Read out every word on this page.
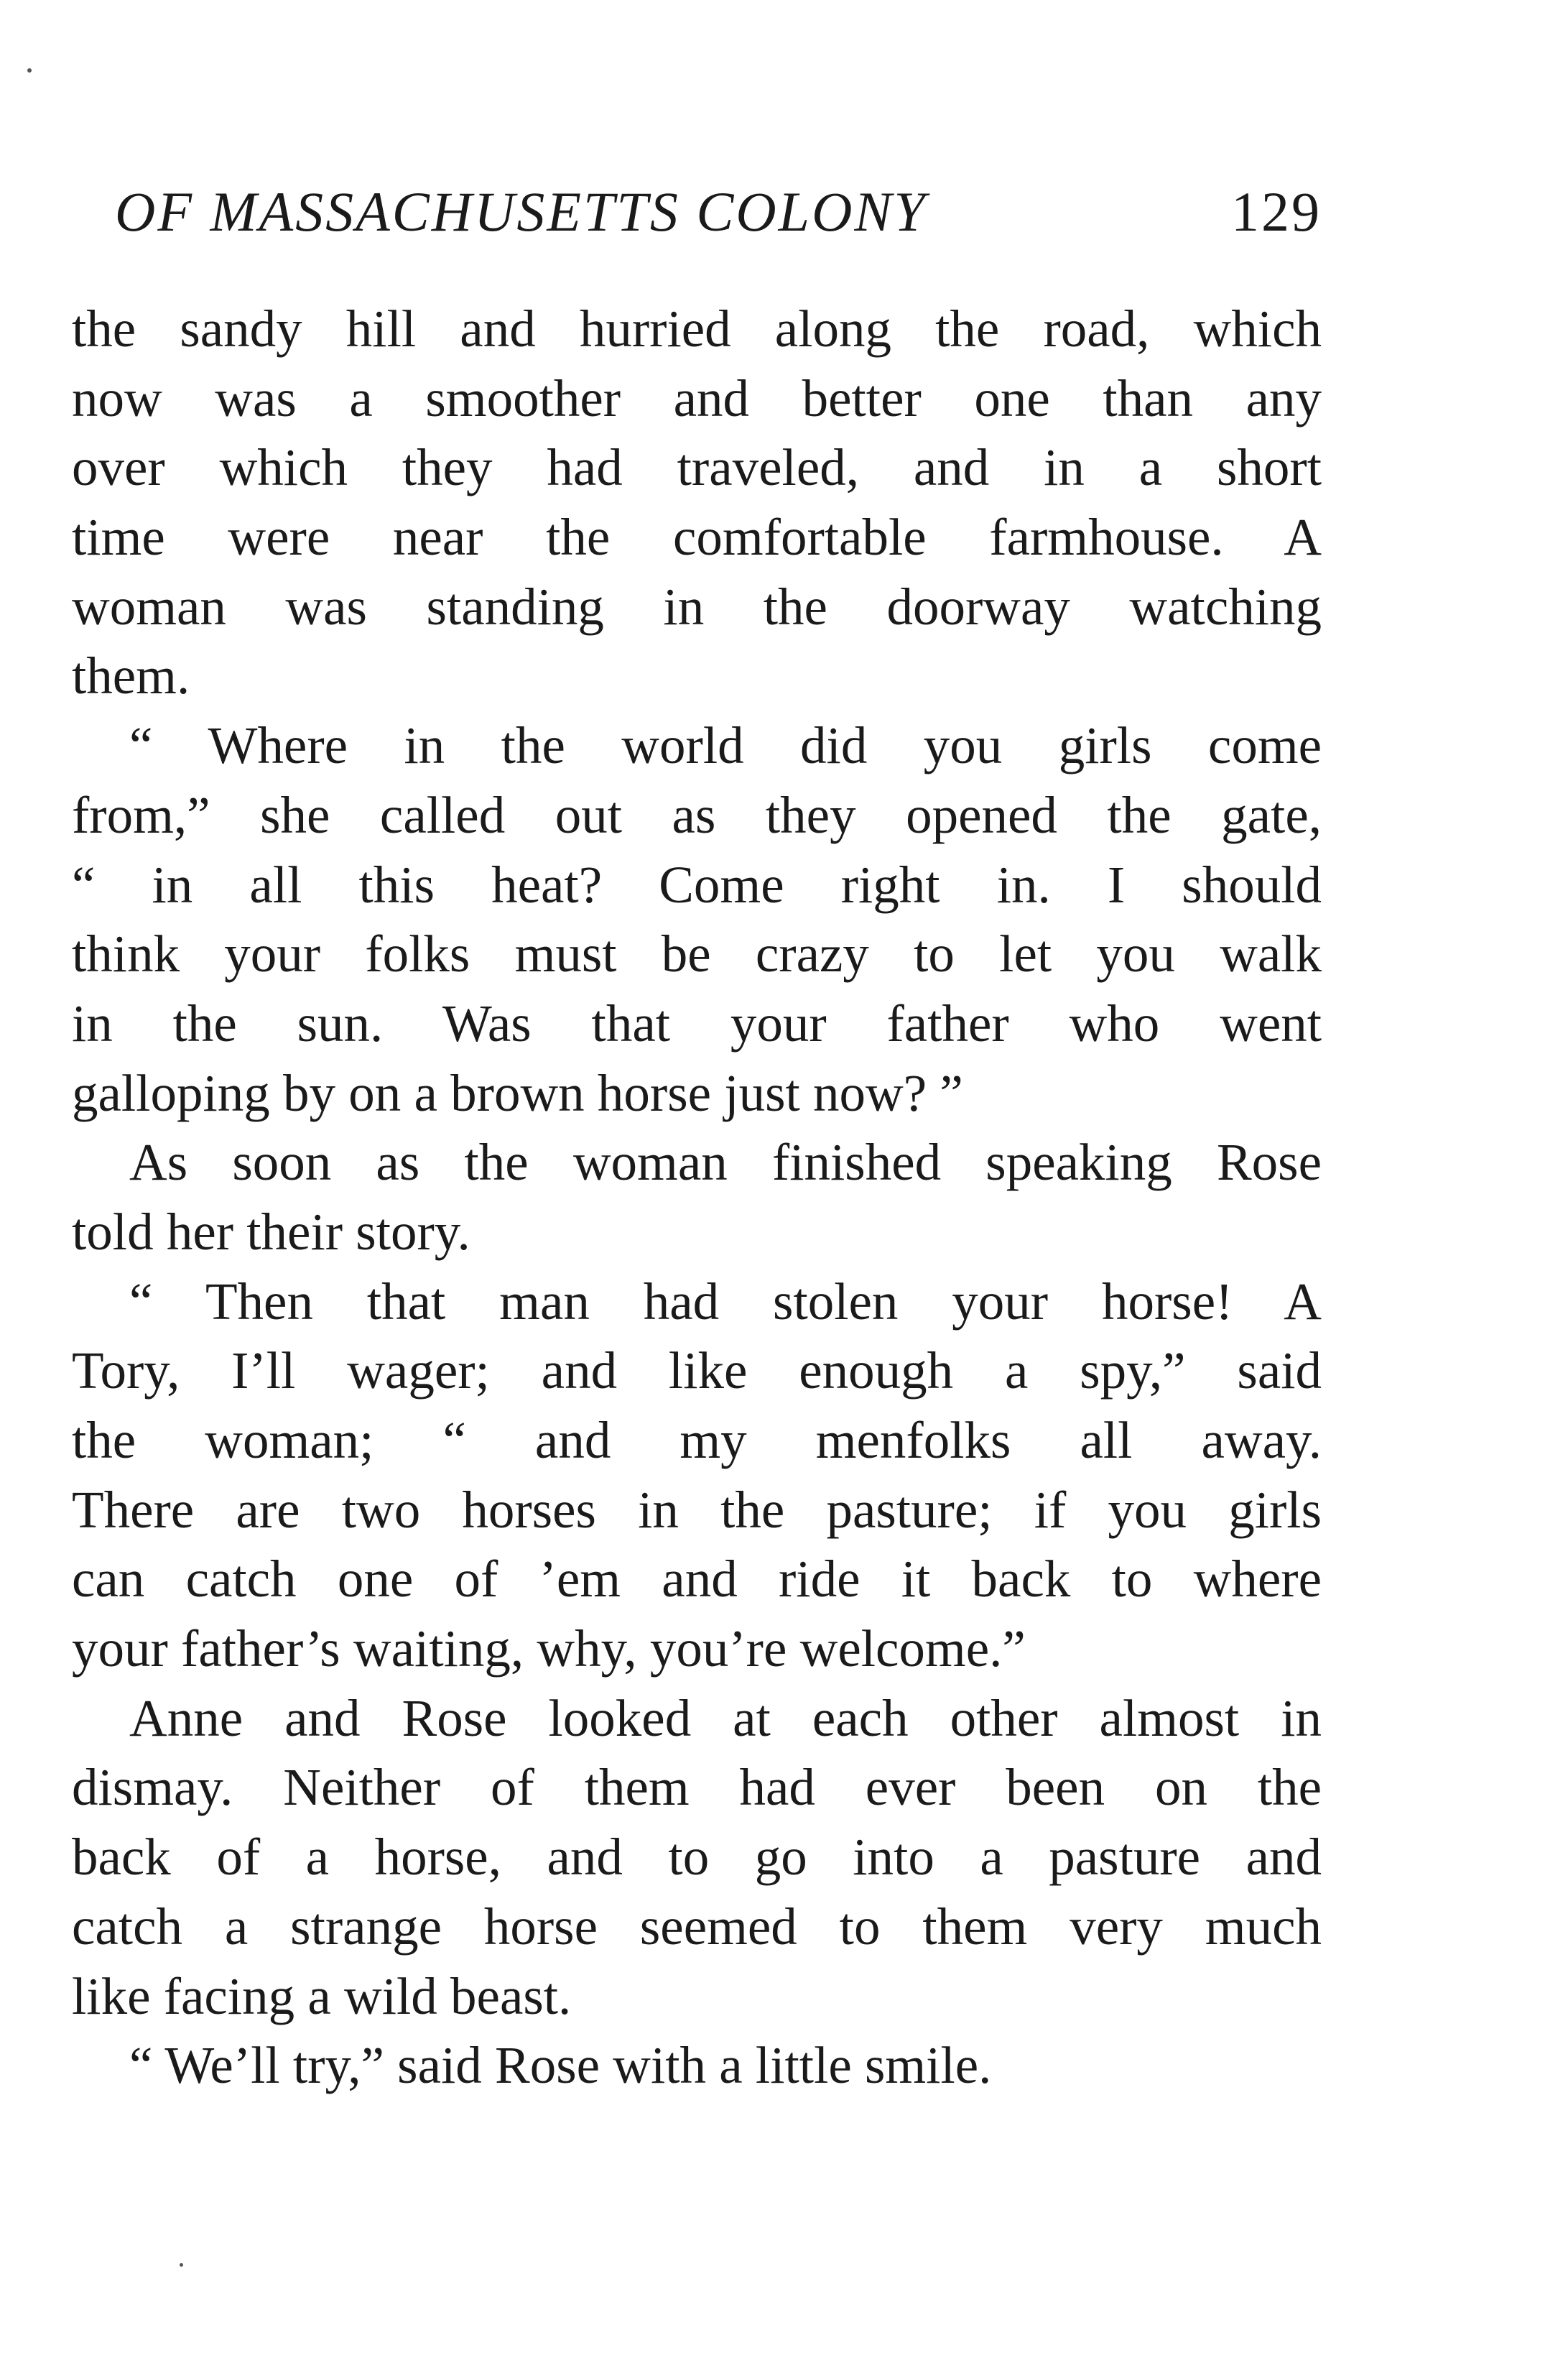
OF MASSACHUSETTS COLONY	129
the sandy hill and hurried along the road, which
now was a smoother and better one than any
over which they had traveled, and in a short
time were near the comfortable farmhouse. A
woman was standing in the doorway watching
them.
“ Where in the world did you girls come
from,” she called out as they opened the gate,
“ in all this heat? Come right in. I should
think your folks must be crazy to let you walk
in the sun. Was that your father who went
galloping by on a brown horse just now? ”
As soon as the woman finished speaking Rose
told her their story.
“ Then that man had stolen your horse! A
Tory, I’ll wager; and like enough a spy,” said
the woman; “ and my menfolks all away.
There are two horses in the pasture; if you girls
can catch one of ’em and ride it back to where
your father’s waiting, why, you’re welcome.”
Anne and Rose looked at each other almost in
dismay. Neither of them had ever been on the
back of a horse, and to go into a pasture and
catch a strange horse seemed to them very much
like facing a wild beast.
“ We’ll try,” said Rose with a little smile.
